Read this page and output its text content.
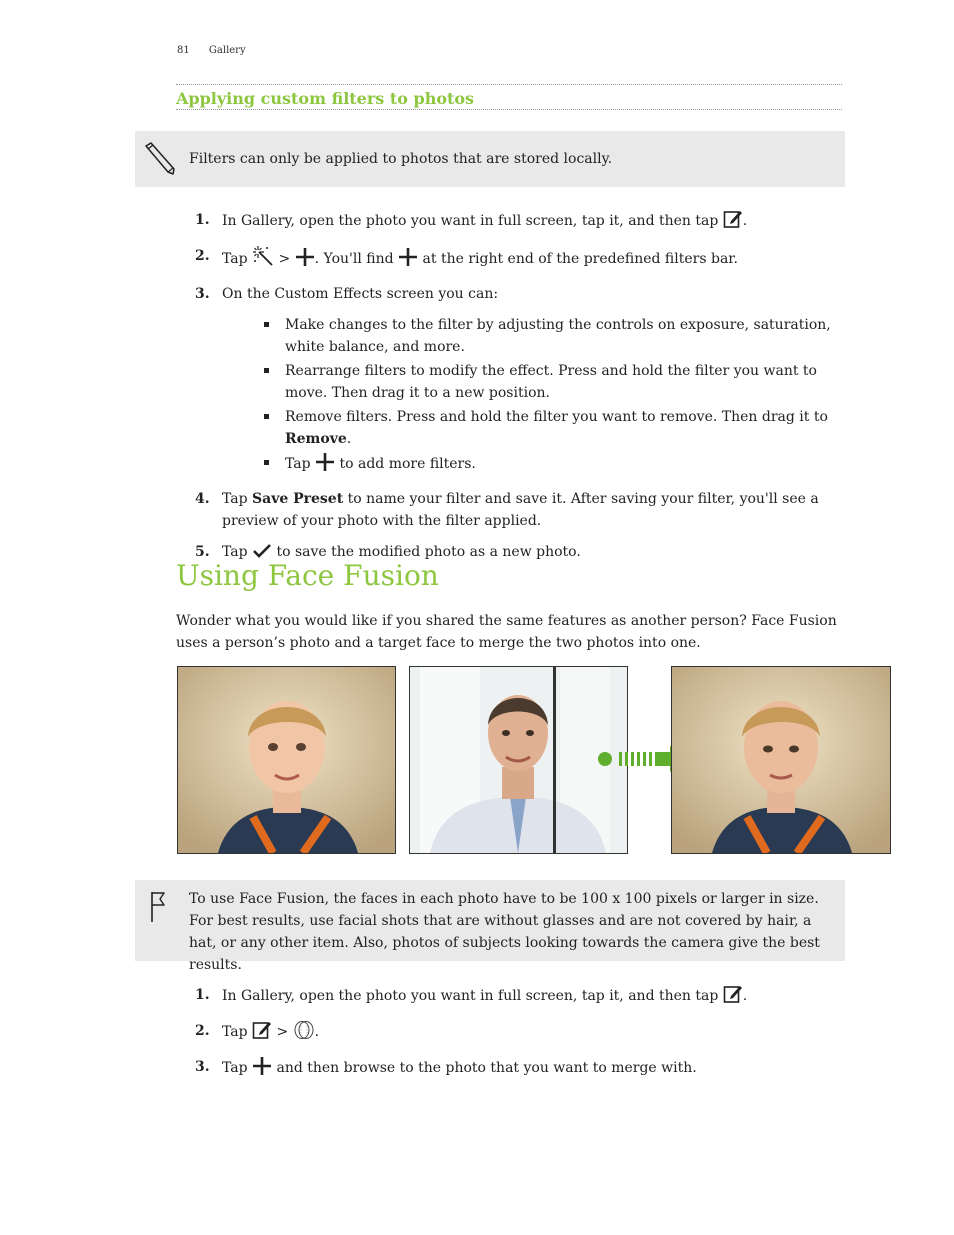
81 Gallery
Applying custom filters to photos
Filters can only be applied to photos that are stored locally.
1. In Gallery, open the photo you want in full screen, tap it, and then tap .
2. Tap > . You'll find at the right end of the predefined filters bar.
3. On the Custom Effects screen you can:
Make changes to the filter by adjusting the controls on exposure, saturation, white balance, and more.
Rearrange filters to modify the effect. Press and hold the filter you want to move. Then drag it to a new position.
Remove filters. Press and hold the filter you want to remove. Then drag it to Remove.
Tap to add more filters.
4. Tap Save Preset to name your filter and save it. After saving your filter, you'll see a preview of your photo with the filter applied.
5. Tap to save the modified photo as a new photo.
Using Face Fusion
Wonder what you would like if you shared the same features as another person? Face Fusion uses a person’s photo and a target face to merge the two photos into one.
To use Face Fusion, the faces in each photo have to be 100 x 100 pixels or larger in size. For best results, use facial shots that are without glasses and are not covered by hair, a hat, or any other item. Also, photos of subjects looking towards the camera give the best results.
1. In Gallery, open the photo you want in full screen, tap it, and then tap .
2. Tap > .
3. Tap and then browse to the photo that you want to merge with.
